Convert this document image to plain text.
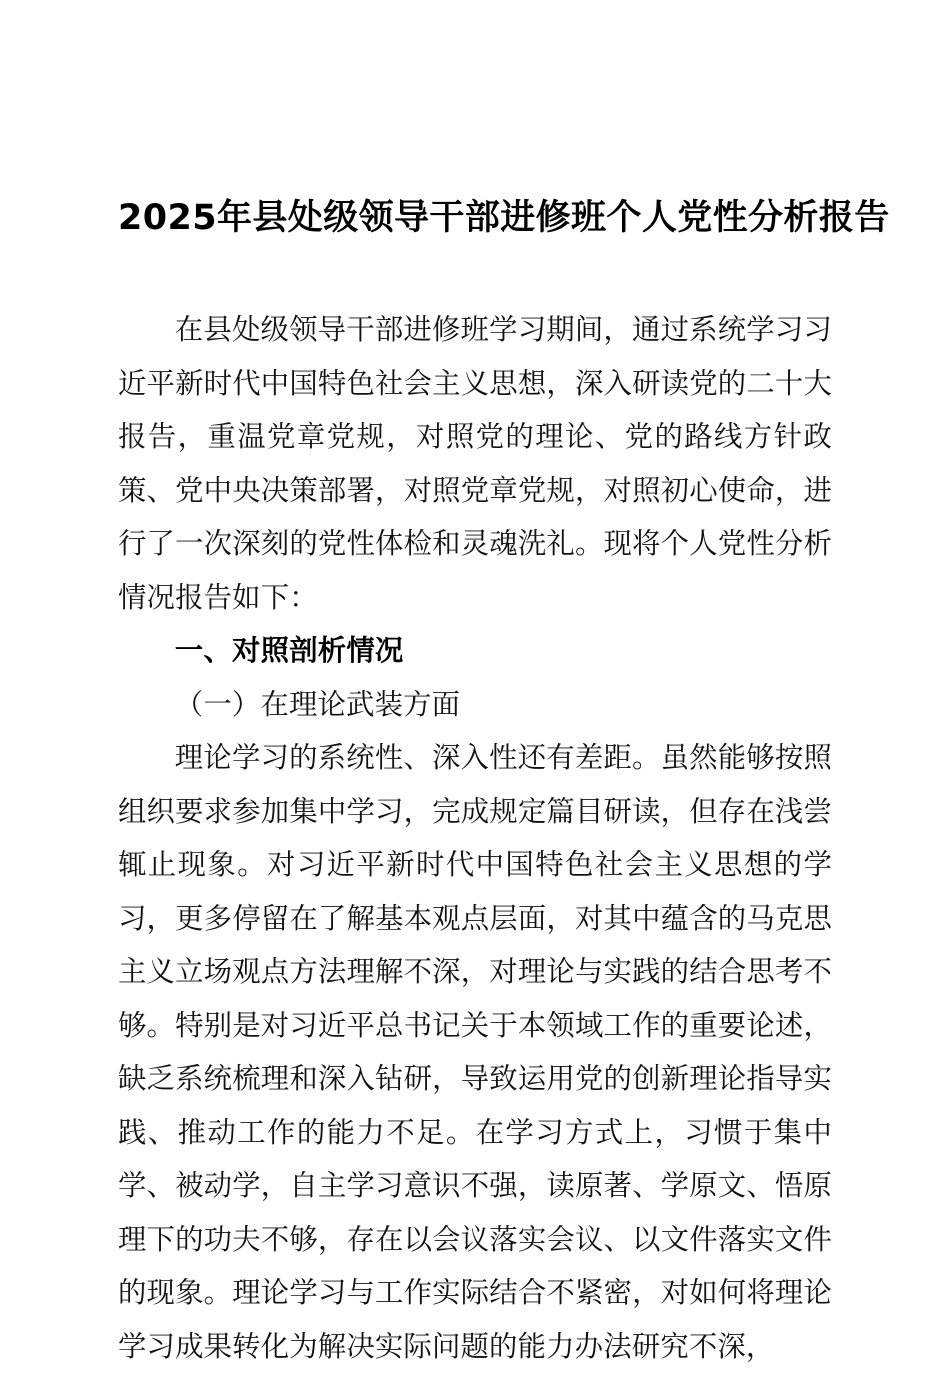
2025年县处级领导干部进修班个人党性分析报告

在县处级领导干部进修班学习期间，通过系统学习习近平新时代中国特色社会主义思想，深入研读党的二十大报告，重温党章党规，对照党的理论、党的路线方针政策、党中央决策部署，对照党章党规，对照初心使命，进行了一次深刻的党性体检和灵魂洗礼。现将个人党性分析情况报告如下：

一、对照剖析情况
（一）在理论武装方面

理论学习的系统性、深入性还有差距。虽然能够按照组织要求参加集中学习，完成规定篇目研读，但存在浅尝辄止现象。对习近平新时代中国特色社会主义思想的学习，更多停留在了解基本观点层面，对其中蕴含的马克思主义立场观点方法理解不深，对理论与实践的结合思考不够。特别是对习近平总书记关于本领域工作的重要论述，缺乏系统梳理和深入钻研，导致运用党的创新理论指导实践、推动工作的能力不足。在学习方式上，习惯于集中学、被动学，自主学习意识不强，读原著、学原文、悟原理下的功夫不够，存在以会议落实会议、以文件落实文件的现象。理论学习与工作实际结合不紧密，对如何将理论学习成果转化为解决实际问题的能力办法研究不深，
